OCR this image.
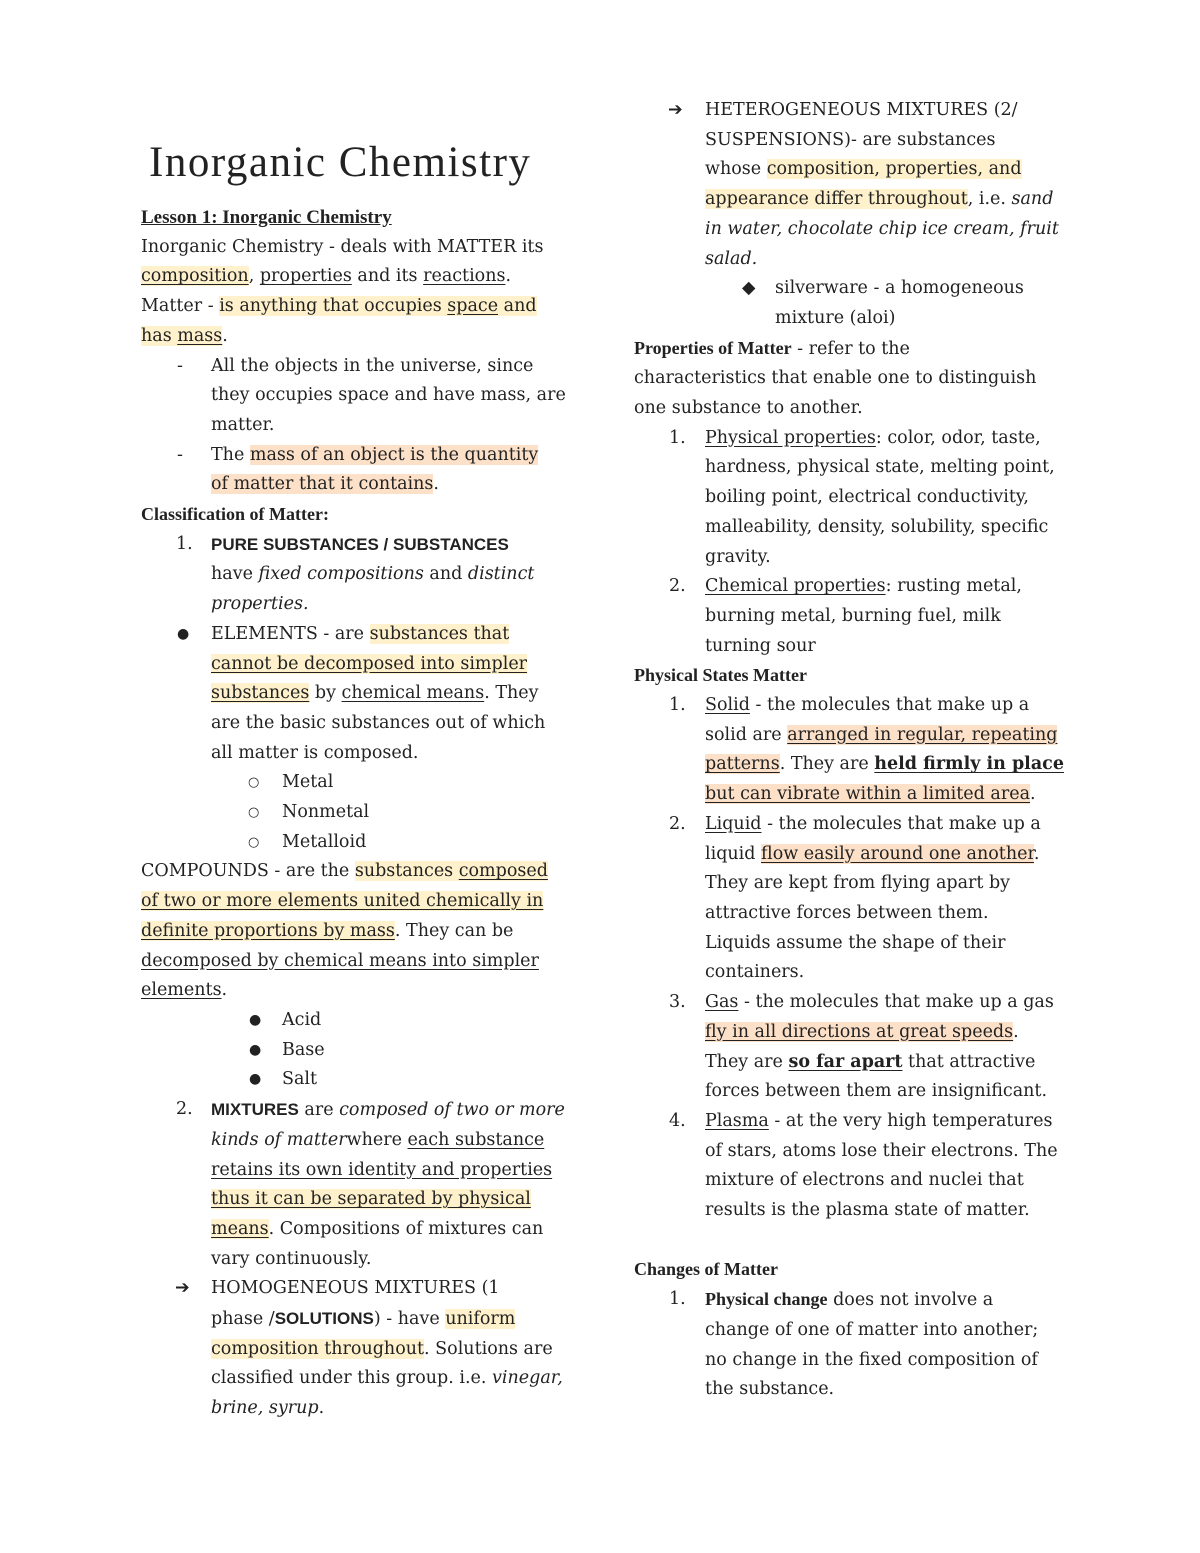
Inorganic Chemistry
Lesson 1: Inorganic Chemistry
Inorganic Chemistry - deals with MATTER its
composition, properties and its reactions.
Matter - is anything that occupies space and
has mass.
- All the objects in the universe, since
they occupies space and have mass, are
matter.
- The mass of an object is the quantity
of matter that it contains.
Classification of Matter:
1. PURE SUBSTANCES / SUBSTANCES
have fixed compositions and distinct
properties.
● ELEMENTS - are substances that
cannot be decomposed into simpler
substances by chemical means. They
are the basic substances out of which
all matter is composed.
○ Metal
○ Nonmetal
○ Metalloid
COMPOUNDS - are the substances composed
of two or more elements united chemically in
definite proportions by mass. They can be
decomposed by chemical means into simpler
elements.
● Acid
● Base
● Salt
2. MIXTURES are composed of two or more
kinds of matterwhere each substance
retains its own identity and properties
thus it can be separated by physical
means. Compositions of mixtures can
vary continuously.
➔ HOMOGENEOUS MIXTURES (1
phase /SOLUTIONS) - have uniform
composition throughout. Solutions are
classified under this group. i.e. vinegar,
brine, syrup.
➔ HETEROGENEOUS MIXTURES (2/
SUSPENSIONS)- are substances
whose composition, properties, and
appearance differ throughout, i.e. sand
in water, chocolate chip ice cream, fruit
salad.
◆ silverware - a homogeneous
mixture (aloi)
Properties of Matter - refer to the
characteristics that enable one to distinguish
one substance to another.
1. Physical properties: color, odor, taste,
hardness, physical state, melting point,
boiling point, electrical conductivity,
malleability, density, solubility, specific
gravity.
2. Chemical properties: rusting metal,
burning metal, burning fuel, milk
turning sour
Physical States Matter
1. Solid - the molecules that make up a
solid are arranged in regular, repeating
patterns. They are held firmly in place
but can vibrate within a limited area.
2. Liquid - the molecules that make up a
liquid flow easily around one another.
They are kept from flying apart by
attractive forces between them.
Liquids assume the shape of their
containers.
3. Gas - the molecules that make up a gas
fly in all directions at great speeds.
They are so far apart that attractive
forces between them are insignificant.
4. Plasma - at the very high temperatures
of stars, atoms lose their electrons. The
mixture of electrons and nuclei that
results is the plasma state of matter.

Changes of Matter
1. Physical change does not involve a
change of one of matter into another;
no change in the fixed composition of
the substance.
